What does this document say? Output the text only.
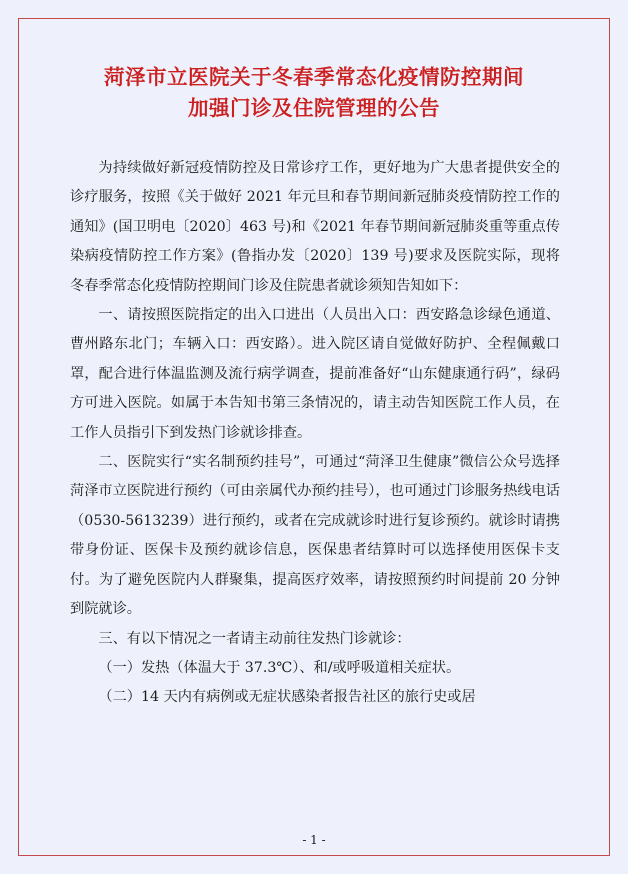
菏泽市立医院关于冬春季常态化疫情防控期间
加强门诊及住院管理的公告

为持续做好新冠疫情防控及日常诊疗工作，更好地为广大患者提供安全的诊疗服务，按照《关于做好 2021 年元旦和春节期间新冠肺炎疫情防控工作的通知》(国卫明电〔2020〕463 号)和《2021 年春节期间新冠肺炎重等重点传染病疫情防控工作方案》(鲁指办发〔2020〕139 号)要求及医院实际，现将冬春季常态化疫情防控期间门诊及住院患者就诊须知告知如下：

一、请按照医院指定的出入口进出（人员出入口：西安路急诊绿色通道、曹州路东北门；车辆入口：西安路）。进入院区请自觉做好防护、全程佩戴口罩，配合进行体温监测及流行病学调查，提前准备好“山东健康通行码”，绿码方可进入医院。如属于本告知书第三条情况的，请主动告知医院工作人员，在工作人员指引下到发热门诊就诊排查。

二、医院实行“实名制预约挂号”，可通过“菏泽卫生健康”微信公众号选择菏泽市立医院进行预约（可由亲属代办预约挂号），也可通过门诊服务热线电话（0530-5613239）进行预约，或者在完成就诊时进行复诊预约。就诊时请携带身份证、医保卡及预约就诊信息，医保患者结算时可以选择使用医保卡支付。为了避免医院内人群聚集，提高医疗效率，请按照预约时间提前 20 分钟到院就诊。

三、有以下情况之一者请主动前往发热门诊就诊：

（一）发热（体温大于 37.3℃）、和/或呼吸道相关症状。

（二）14 天内有病例或无症状感染者报告社区的旅行史或居

- 1 -
